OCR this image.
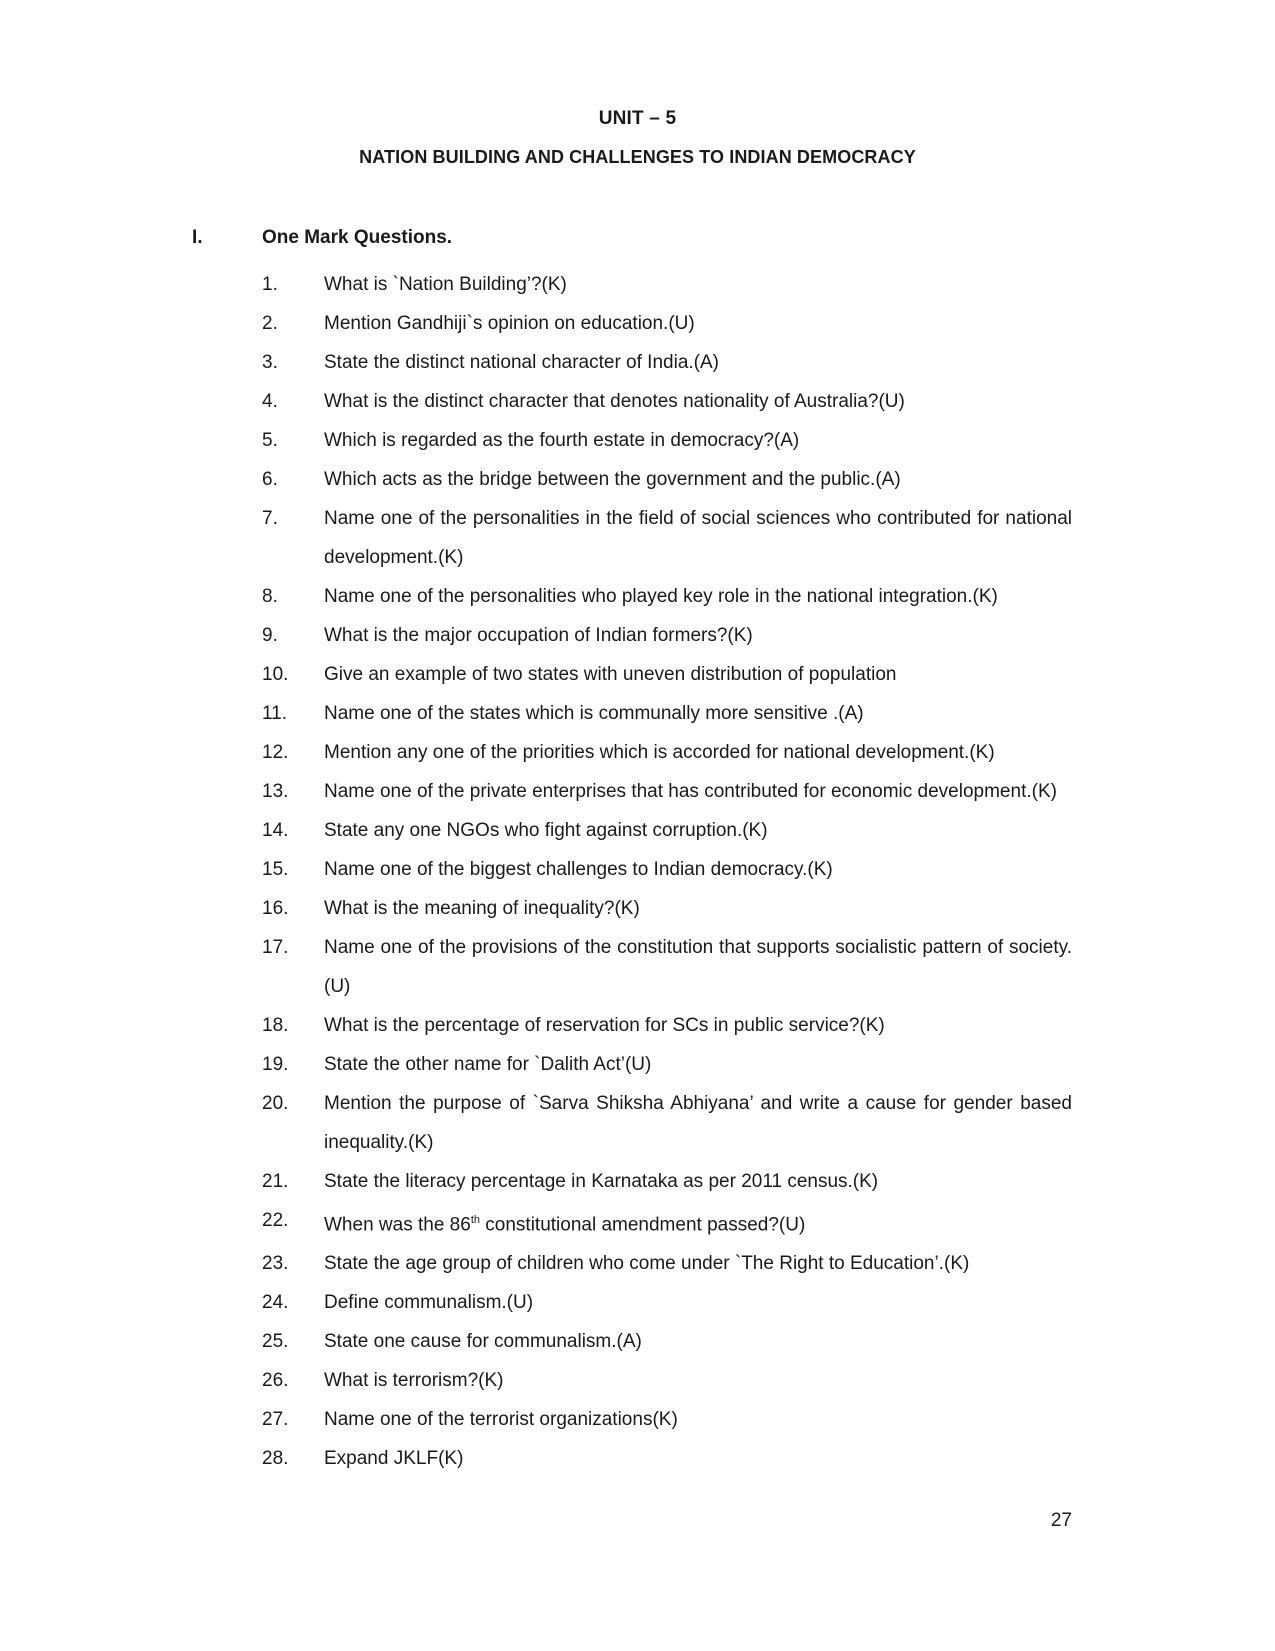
UNIT – 5
NATION BUILDING AND CHALLENGES TO INDIAN DEMOCRACY
I.	One Mark Questions.
1.	What is `Nation Building’?(K)
2.	Mention Gandhiji`s opinion on education.(U)
3.	State the distinct national character of India.(A)
4.	What is the distinct character that denotes nationality of Australia?(U)
5.	Which is regarded as the fourth estate in democracy?(A)
6.	Which acts as the bridge between the government and the public.(A)
7.	Name one of the personalities in the field of social sciences who contributed for national development.(K)
8.	Name one of the personalities who played key role in the national integration.(K)
9.	What is the major occupation of Indian formers?(K)
10.	Give an example of two states with uneven distribution of population
11.	Name one of the states which is communally more sensitive .(A)
12.	Mention any one of the priorities which is accorded for national development.(K)
13.	Name one of the private enterprises that has contributed for economic development.(K)
14.	State any one NGOs who fight against corruption.(K)
15.	Name one of the biggest challenges to Indian democracy.(K)
16.	What is the meaning of inequality?(K)
17.	Name one of the provisions of the constitution that supports socialistic pattern of society.(U)
18.	What is the percentage of reservation for SCs in public service?(K)
19.	State the other name for `Dalith Act’(U)
20.	Mention the purpose of `Sarva Shiksha Abhiyana’ and write a cause for gender based inequality.(K)
21.	State the literacy percentage in Karnataka as per 2011 census.(K)
22.	When was the 86th constitutional amendment passed?(U)
23.	State the age group of children who come under `The Right to Education’.(K)
24.	Define communalism.(U)
25.	State one cause for communalism.(A)
26.	What is terrorism?(K)
27.	Name one of the terrorist organizations(K)
28.	Expand JKLF(K)
27
